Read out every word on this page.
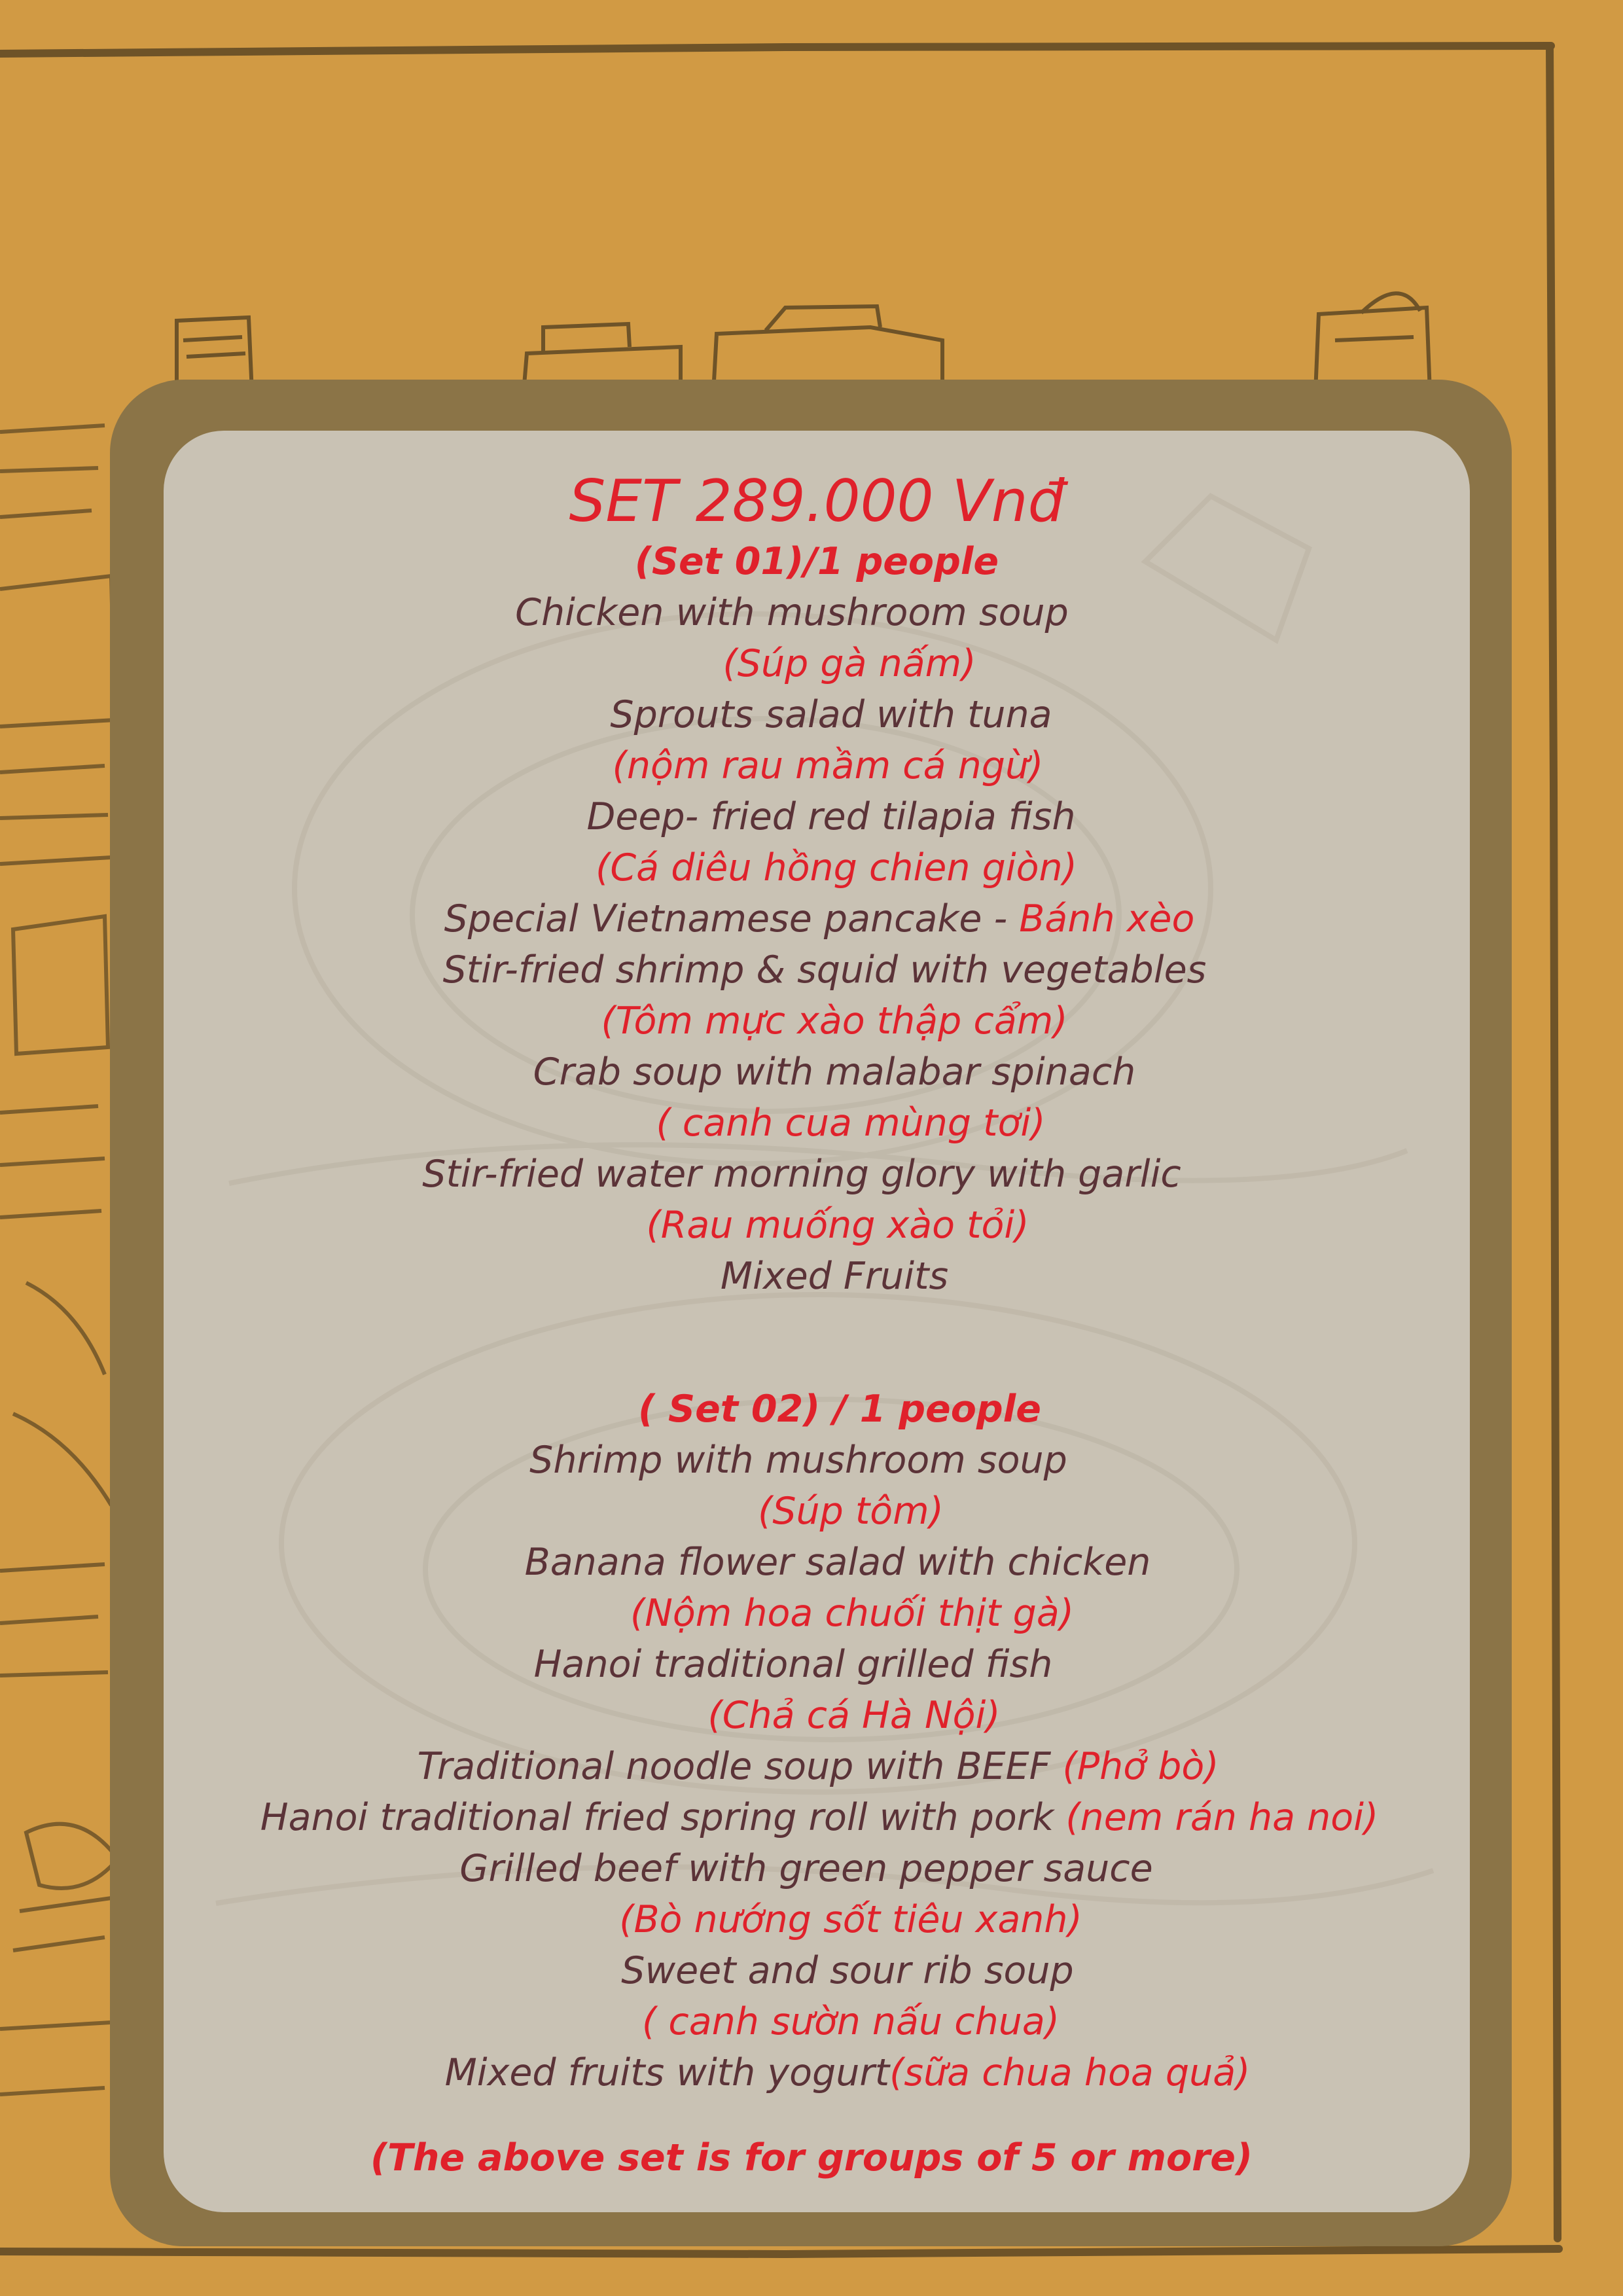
SET 289.000 Vnđ
(Set 01)/1 people
Chicken with mushroom soup
(Súp gà nấm)
Sprouts salad with tuna
(nộm rau mầm cá ngừ)
Deep- fried red tilapia fish
(Cá diêu hồng chien giòn)
Special Vietnamese pancake - Bánh xèo
Stir-fried shrimp & squid with vegetables
(Tôm mực xào thập cẩm)
Crab soup with malabar spinach
( canh cua mùng tơi)
Stir-fried water morning glory with garlic
(Rau muống xào tỏi)
Mixed Fruits
( Set 02) / 1 people
Shrimp with mushroom soup
(Súp tôm)
Banana flower salad with chicken
(Nộm hoa chuối thịt gà)
Hanoi traditional grilled fish
(Chả cá Hà Nội)
Traditional noodle soup with BEEF (Phở bò)
Hanoi traditional fried spring roll with pork (nem rán ha noi)
Grilled beef with green pepper sauce
(Bò nướng sốt tiêu xanh)
Sweet and sour rib soup
( canh sườn nấu chua)
Mixed fruits with yogurt(sữa chua hoa quả)
(The above set is for groups of 5 or more)
